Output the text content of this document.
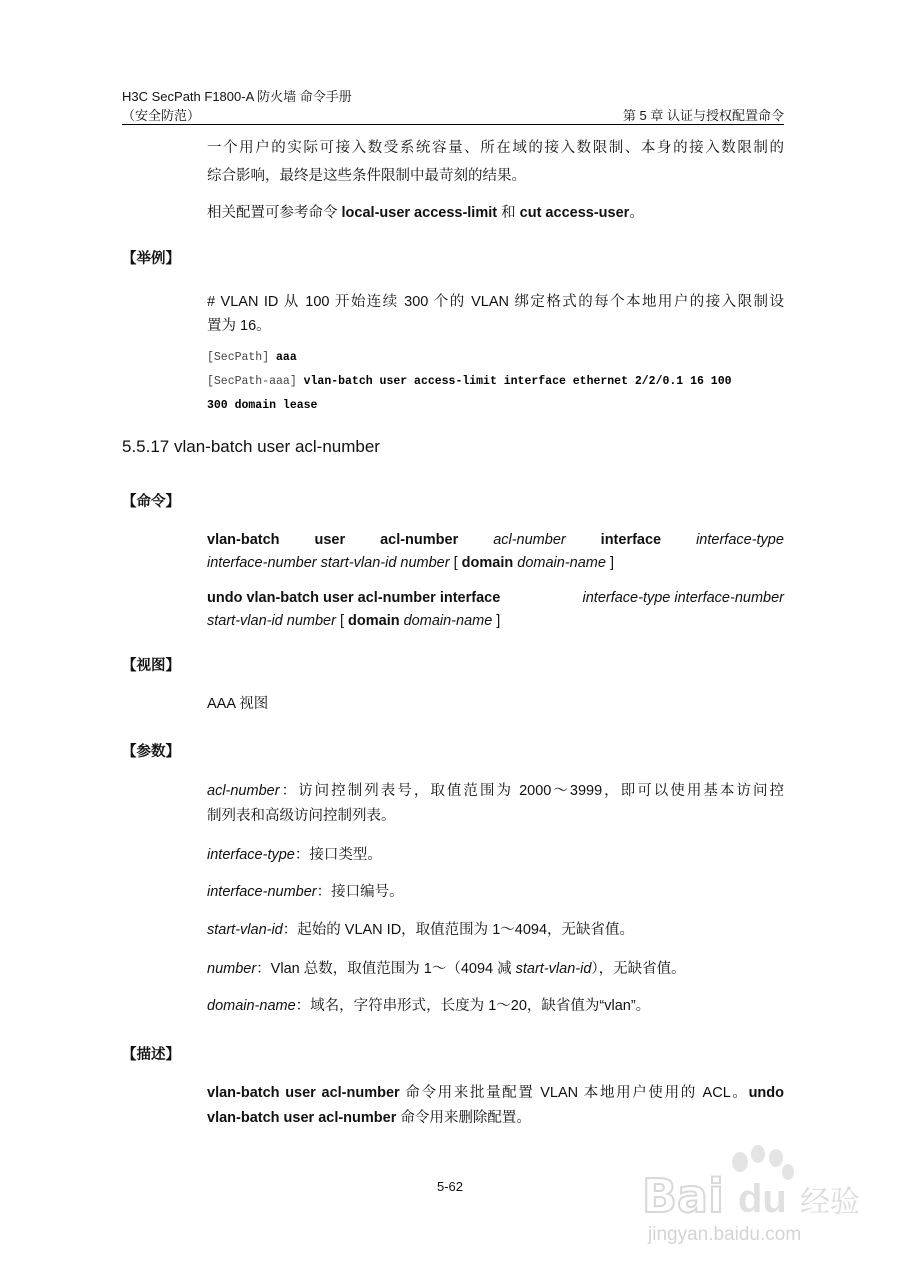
H3C SecPath F1800-A 防火墙 命令手册
（安全防范）	第 5 章 认证与授权配置命令
一个用户的实际可接入数受系统容量、所在域的接入数限制、本身的接入数限制的
综合影响，最终是这些条件限制中最苛刻的结果。
相关配置可参考命令 local-user access-limit 和 cut access-user。
【举例】
# VLAN ID 从 100 开始连续 300 个的 VLAN 绑定格式的每个本地用户的接入限制设
置为 16。
[SecPath] aaa
[SecPath-aaa] vlan-batch user access-limit interface ethernet 2/2/0.1 16 100
300 domain lease
5.5.17 vlan-batch user acl-number
【命令】
vlan-batch user acl-number acl-number interface interface-type
interface-number start-vlan-id number [ domain domain-name ]
undo vlan-batch user acl-number interface	interface-type interface-number
start-vlan-id number [ domain domain-name ]
【视图】
AAA 视图
【参数】
acl-number：访问控制列表号，取值范围为 2000～3999，即可以使用基本访问控
制列表和高级访问控制列表。
interface-type：接口类型。
interface-number：接口编号。
start-vlan-id：起始的 VLAN ID，取值范围为 1～4094，无缺省值。
number：Vlan 总数，取值范围为 1～（4094 减 start-vlan-id），无缺省值。
domain-name：域名，字符串形式，长度为 1～20，缺省值为“vlan”。
【描述】
vlan-batch user acl-number 命令用来批量配置 VLAN 本地用户使用的 ACL。undo
vlan-batch user acl-number 命令用来删除配置。
5-62	Bai du 经验
jingyan.baidu.com
